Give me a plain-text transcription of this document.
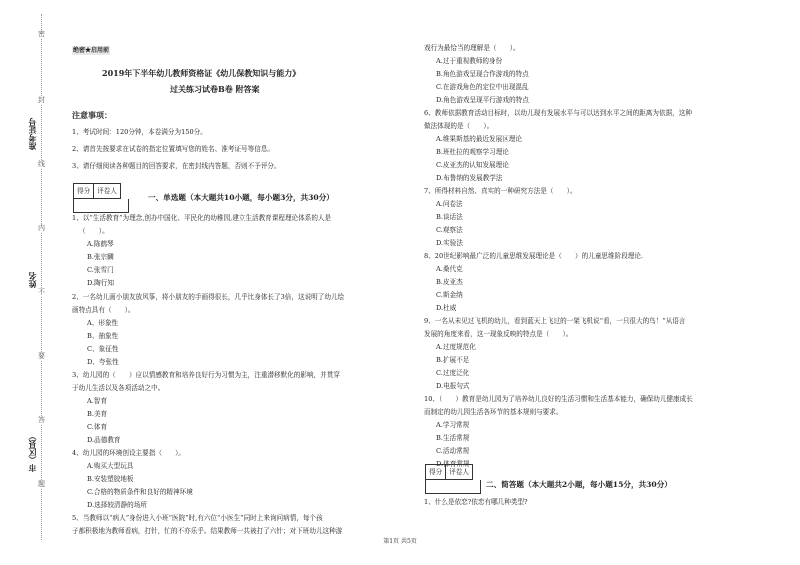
密
封
线
内
不
要
答
题
准考证号
姓名
市（区县）
绝密★启用前
2019年下半年幼儿教师资格证《幼儿保教知识与能力》
过关练习试卷B卷 附答案
注意事项：
1、考试时间：120分钟，本卷满分为150分。
2、请首先按要求在试卷的指定位置填写您的姓名、准考证号等信息。
3、请仔细阅读各种题目的回答要求，在密封线内答题，否则不予评分。
得分	评卷人
一、单选题（本大题共10小题，每小题3分，共30分）
1、以“生活教育”为理念,创办中国化、平民化的幼稚园,建立生活教育课程理论体系的人是
（　　）。
A.陈鹤琴
B.张宗麟
C.张雪门
D.陶行知
2、一名幼儿画小朋友放风筝，将小朋友的手画得很长，几乎比身体长了3倍，这说明了幼儿绘
画特点具有（　　）。
A、形象性
B、抽象性
C、象征性
D、夸张性
3、幼儿园的（　　）应以情感教育和培养良好行为习惯为主，注重潜移默化的影响，并贯穿
于幼儿生活以及各项活动之中。
A.智育
B.美育
C.体育
D.品德教育
4、幼儿园的环境创设主要指（　　）。
A.购买大型玩具
B.安装塑胶地板
C.合格的物质条件和良好的精神环境
D.选择较清静的场所
5、当教师以“病人”身份进入小班“医院”时,有六位“小医生”同时上来询问病情，每个孩
子都积极地为教师看病，打针，忙的不亦乐乎。结果教师一共被打了六针；对下班幼儿这种游
戏行为最恰当的理解是（　　）。
A.过于重视教师的身份
B.角色游戏呈现合作游戏的特点
C.在游戏角色的定位中出现混乱
D.角色游戏呈现平行游戏的特点
6、教师依据教育活动目标时，以幼儿现有发展水平与可以达到水平之间的距离为依据，这种
做法体现的是（　　）。
A.维果斯基的最近发展区理论
B.班杜拉的观察学习理论
C.皮亚杰的认知发展理论
D.布鲁纳的发展教学法
7、所得材料自然、真实的一种研究方法是（　　）。
A.问卷法
B.谈话法
C.观察法
D.实验法
8、20世纪影响最广泛的儿童思维发展理论是（　　）的儿童思维阶段理论.
A.桑代克
B.皮亚杰
C.斯金纳
D.杜威
9、一名从未见过飞机的幼儿，看到蓝天上飞过的一架飞机说“看，一只很大的鸟！”从语言
发展的角度来看，这一现象反映的特点是（　　）。
A.过度规范化
B.扩展不足
C.过度泛化
D.电报句式
10、（　　）教育是幼儿园为了培养幼儿良好的生活习惯和生活基本能力，确保幼儿健康成长
而制定的幼儿园生活各环节的基本规则与要求。
A.学习常规
B.生活常规
C.活动常规
D.体育常规
得分	评卷人
二、简答题（本大题共2小题，每小题15分，共30分）
1、什么是依恋?依恋有哪几种类型?
第1页 共5页
